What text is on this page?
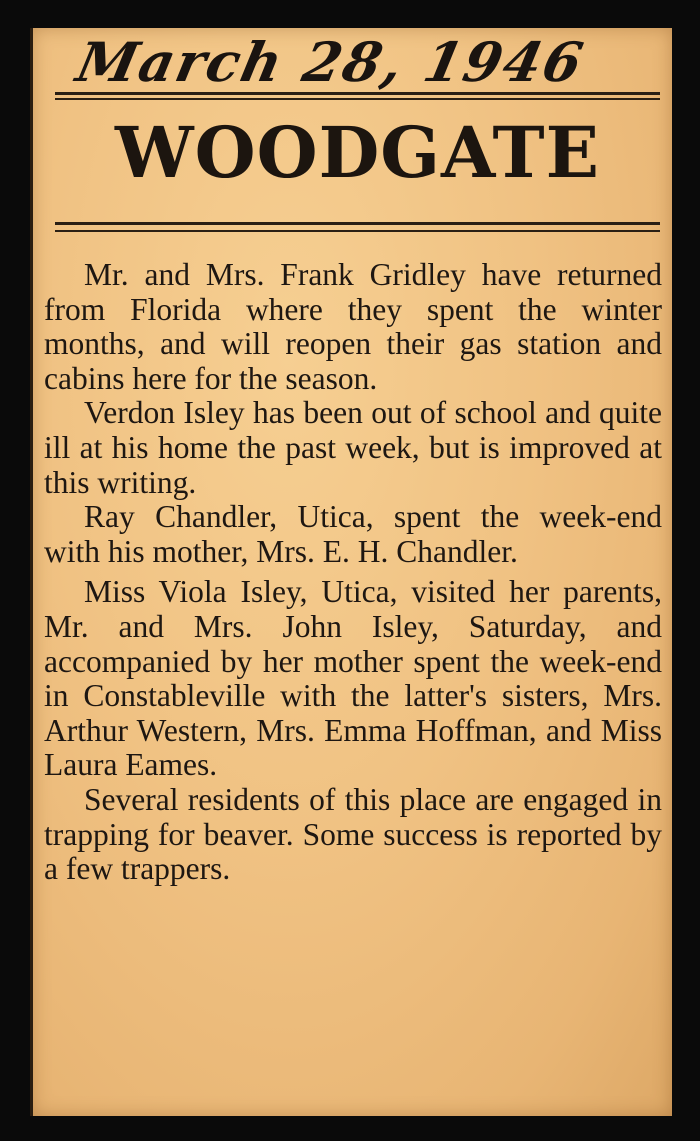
March 28, 1946
WOODGATE

Mr. and Mrs. Frank Gridley have returned from Florida where they spent the winter months, and will reopen their gas station and cabins here for the season.

Verdon Isley has been out of school and quite ill at his home the past week, but is improved at this writing.

Ray Chandler, Utica, spent the week-end with his mother, Mrs. E. H. Chandler.

Miss Viola Isley, Utica, visited her parents, Mr. and Mrs. John Isley, Saturday, and accompanied by her mother spent the week-end in Constableville with the latter's sisters, Mrs. Arthur Western, Mrs. Emma Hoffman, and Miss Laura Eames.

Several residents of this place are engaged in trapping for beaver. Some success is reported by a few trappers.
